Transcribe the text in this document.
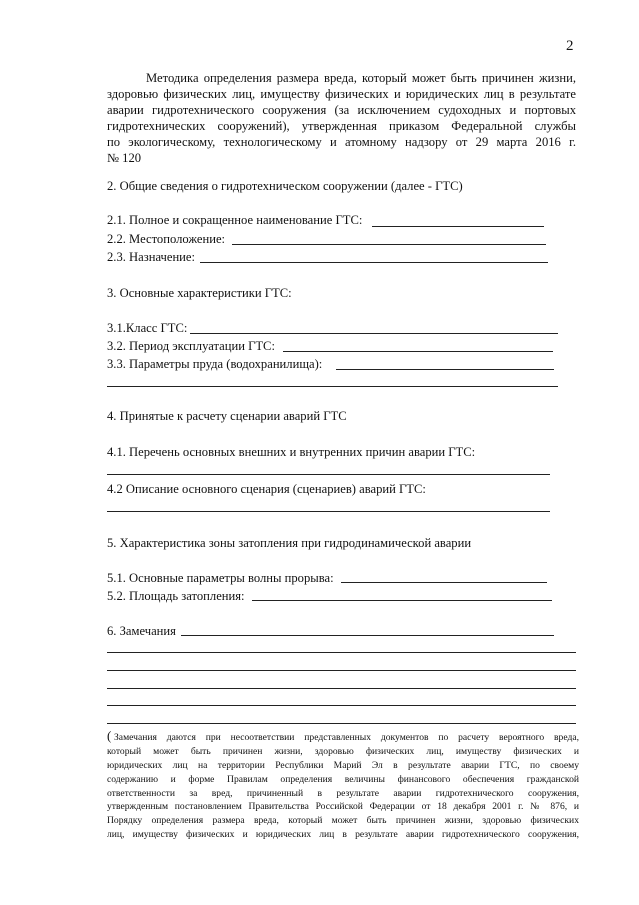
2
Методика определения размера вреда, который может быть причинен жизни,
здоровью физических лиц, имуществу физических и юридических лиц в результате
аварии гидротехнического сооружения (за исключением судоходных и портовых
гидротехнических сооружений), утвержденная приказом Федеральной службы
по экологическому, технологическому и атомному надзору от 29 марта 2016 г.
№ 120
2. Общие сведения о гидротехническом сооружении (далее - ГТС)
2.1. Полное и сокращенное наименование ГТС:
2.2. Местоположение:
2.3. Назначение:
3. Основные характеристики ГТС:
3.1.Класс ГТС:
3.2. Период эксплуатации ГТС:
3.3. Параметры пруда (водохранилища):
4. Принятые к расчету сценарии аварий ГТС
4.1. Перечень основных внешних и внутренних причин аварии ГТС:
4.2 Описание основного сценария (сценариев) аварий ГТС:
5. Характеристика зоны затопления при гидродинамической аварии
5.1. Основные параметры волны прорыва:
5.2. Площадь затопления:
6. Замечания
( Замечания даются при несоответствии представленных документов по расчету вероятного вреда,
который может быть причинен жизни, здоровью физических лиц, имуществу физических и
юридических лиц на территории Республики Марий Эл в результате аварии ГТС, по своему
содержанию и форме Правилам определения величины финансового обеспечения гражданской
ответственности за вред, причиненный в результате аварии гидротехнического сооружения,
утвержденным постановлением Правительства Российской Федерации от 18 декабря 2001 г. № 876, и
Порядку определения размера вреда, который может быть причинен жизни, здоровью физических
лиц, имуществу физических и юридических лиц в результате аварии гидротехнического сооружения,
